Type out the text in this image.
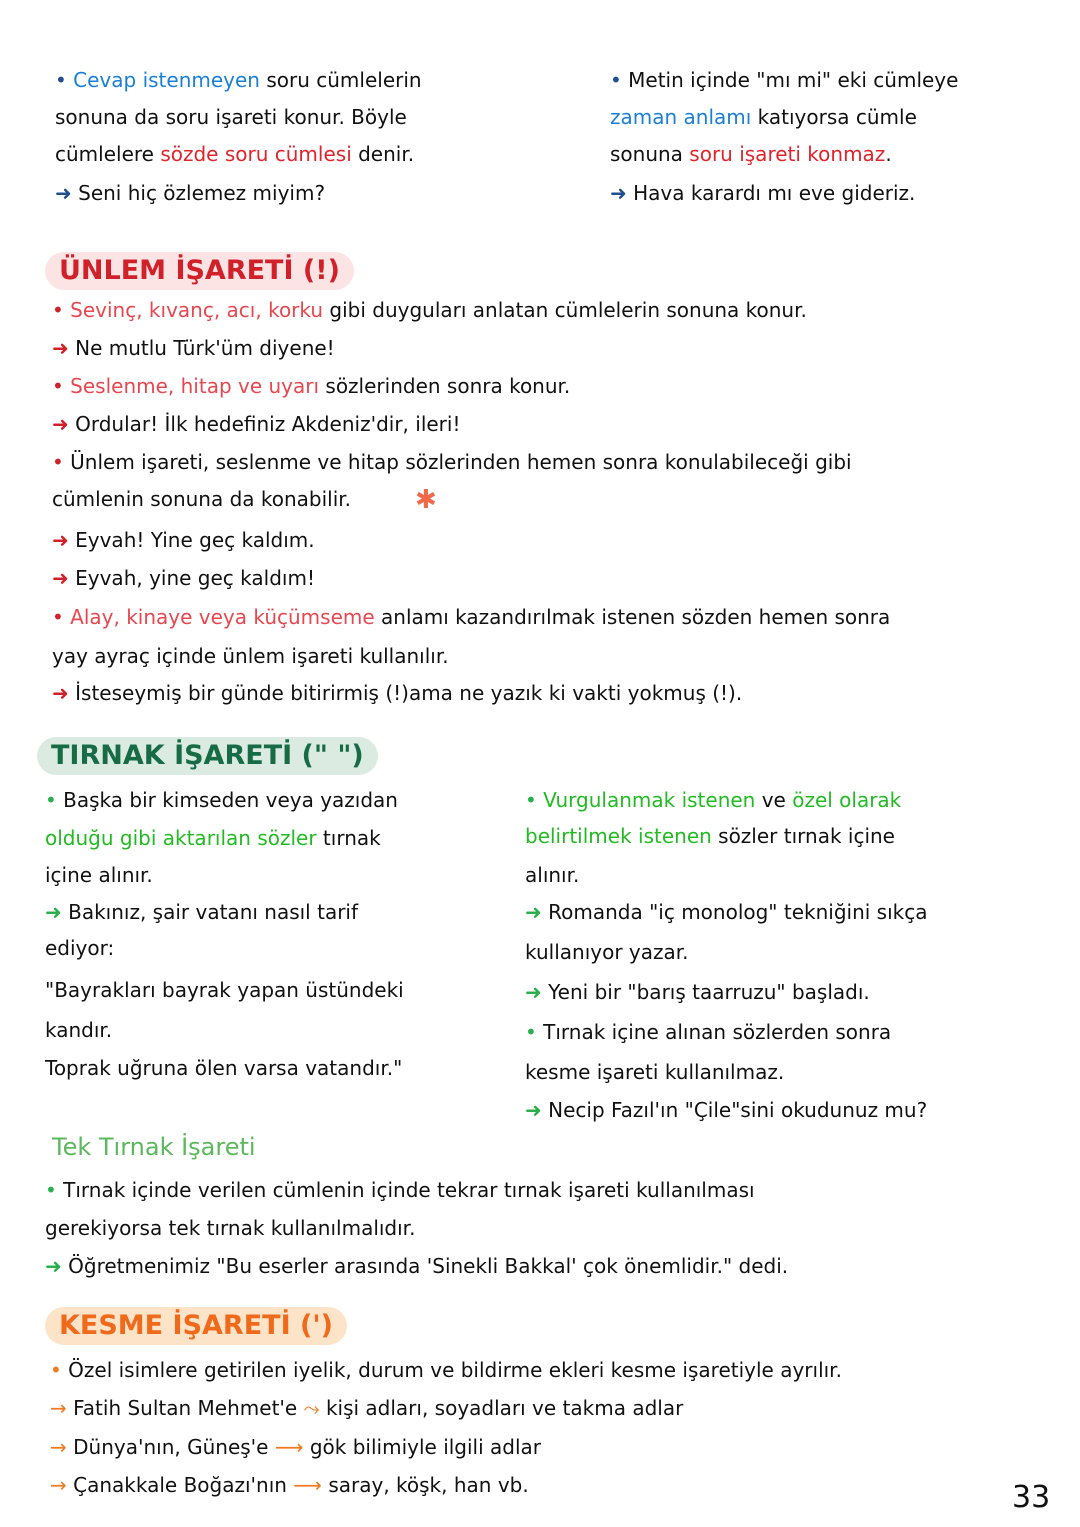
ÜNLEM İŞARETİ (!)
TIRNAK İŞARETİ (" ")
Tek Tırnak İşareti
KESME İŞARETİ (')
✱
33
• Cevap istenmeyen soru cümlelerin
sonuna da soru işareti konur. Böyle
cümlelere sözde soru cümlesi denir.
➜ Seni hiç özlemez miyim?
• Metin içinde "mı mi" eki cümleye
zaman anlamı katıyorsa cümle
sonuna soru işareti konmaz.
➜ Hava karardı mı eve gideriz.
• Sevinç, kıvanç, acı, korku gibi duyguları anlatan cümlelerin sonuna konur.
➜ Ne mutlu Türk'üm diyene!
• Seslenme, hitap ve uyarı sözlerinden sonra konur.
➜ Ordular! İlk hedefiniz Akdeniz'dir, ileri!
• Ünlem işareti, seslenme ve hitap sözlerinden hemen sonra konulabileceği gibi
cümlenin sonuna da konabilir.
➜ Eyvah! Yine geç kaldım.
➜ Eyvah, yine geç kaldım!
• Alay, kinaye veya küçümseme anlamı kazandırılmak istenen sözden hemen sonra
yay ayraç içinde ünlem işareti kullanılır.
➜ İsteseymiş bir günde bitirirmiş (!)ama ne yazık ki vakti yokmuş (!).
• Başka bir kimseden veya yazıdan
olduğu gibi aktarılan sözler tırnak
içine alınır.
➜ Bakınız, şair vatanı nasıl tarif
ediyor:
"Bayrakları bayrak yapan üstündeki
kandır.
Toprak uğruna ölen varsa vatandır."
• Vurgulanmak istenen ve özel olarak
belirtilmek istenen sözler tırnak içine
alınır.
➜ Romanda "iç monolog" tekniğini sıkça
kullanıyor yazar.
➜ Yeni bir "barış taarruzu" başladı.
• Tırnak içine alınan sözlerden sonra
kesme işareti kullanılmaz.
➜ Necip Fazıl'ın "Çile"sini okudunuz mu?
• Tırnak içinde verilen cümlenin içinde tekrar tırnak işareti kullanılması
gerekiyorsa tek tırnak kullanılmalıdır.
➜ Öğretmenimiz "Bu eserler arasında 'Sinekli Bakkal' çok önemlidir." dedi.
• Özel isimlere getirilen iyelik, durum ve bildirme ekleri kesme işaretiyle ayrılır.
→ Fatih Sultan Mehmet'e ⤳ kişi adları, soyadları ve takma adlar
→ Dünya'nın, Güneş'e ⟶ gök bilimiyle ilgili adlar
→ Çanakkale Boğazı'nın ⟶ saray, köşk, han vb.
